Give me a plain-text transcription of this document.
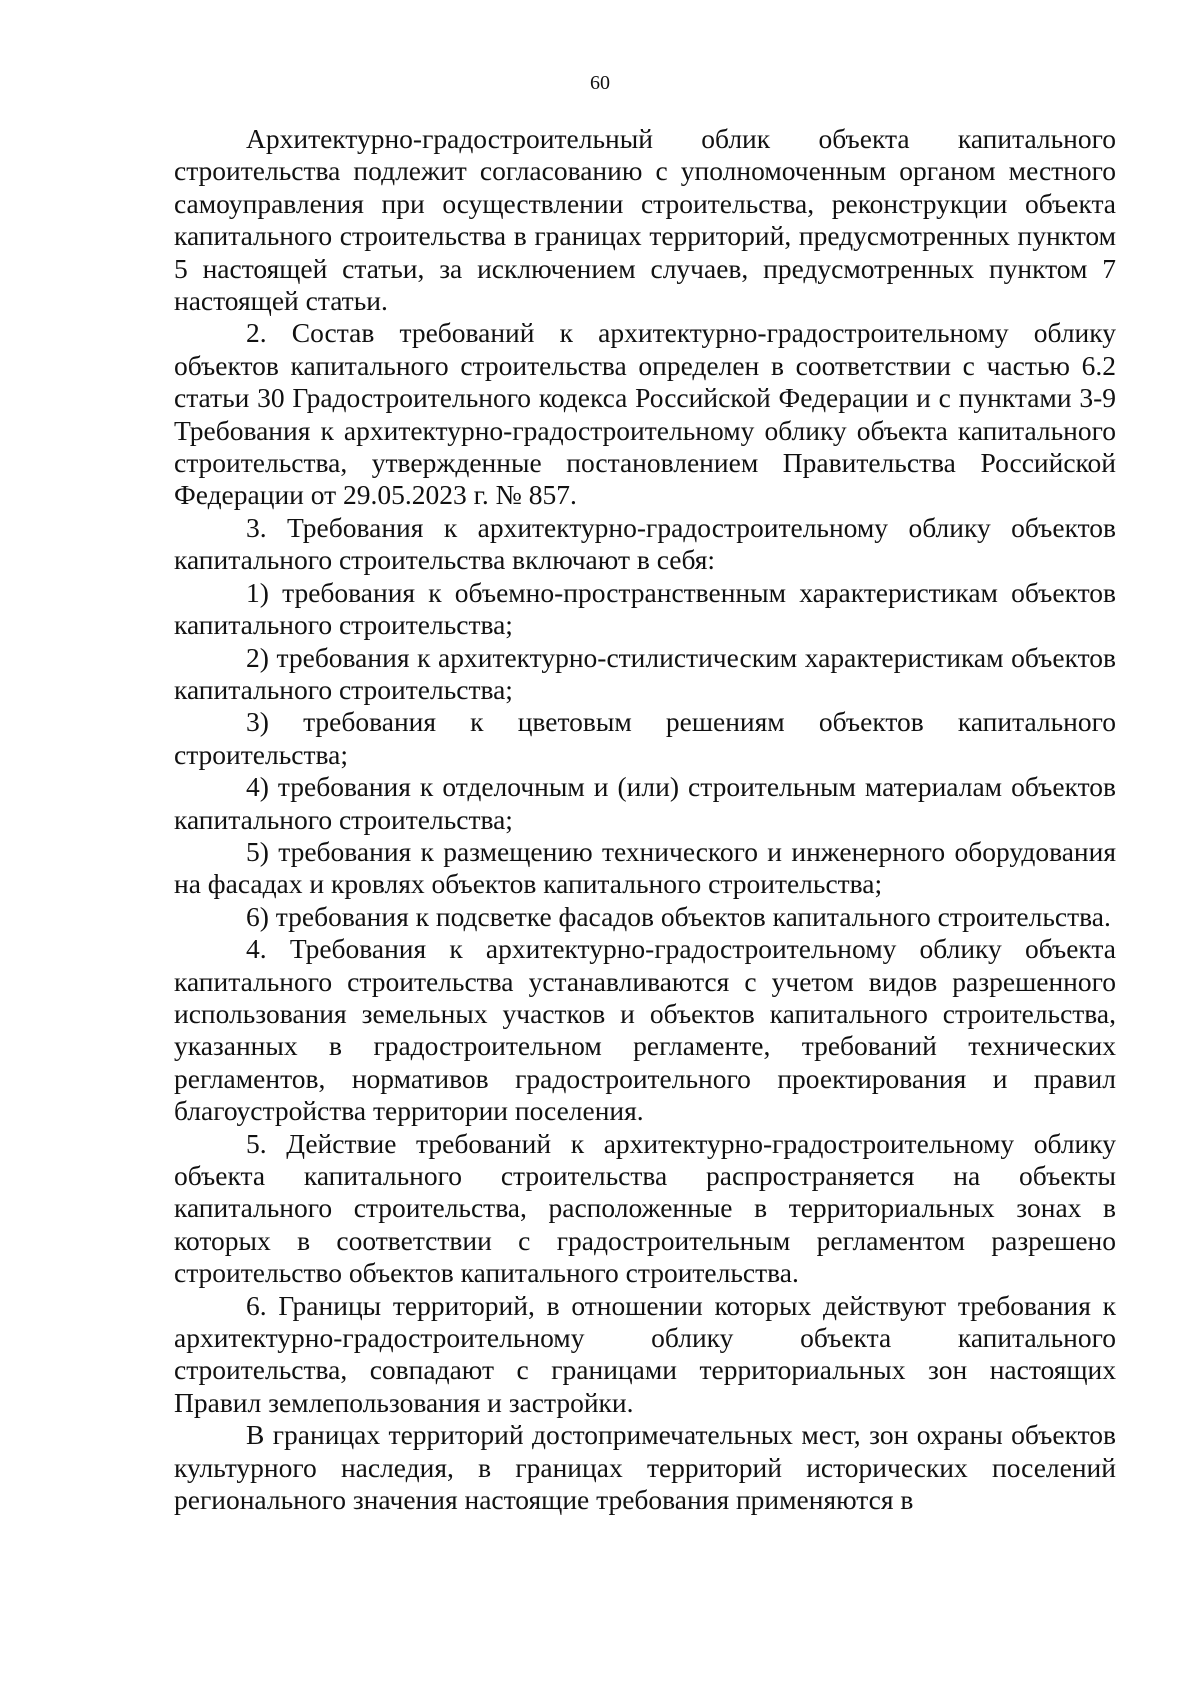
60

Архитектурно-градостроительный облик объекта капитального строительства подлежит согласованию с уполномоченным органом местного самоуправления при осуществлении строительства, реконструкции объекта капитального строительства в границах территорий, предусмотренных пунктом 5 настоящей статьи, за исключением случаев, предусмотренных пунктом 7 настоящей статьи.

2. Состав требований к архитектурно-градостроительному облику объектов капитального строительства определен в соответствии с частью 6.2 статьи 30 Градостроительного кодекса Российской Федерации и с пунктами 3-9 Требования к архитектурно-градостроительному облику объекта капитального строительства, утвержденные постановлением Правительства Российской Федерации от 29.05.2023 г. № 857.

3. Требования к архитектурно-градостроительному облику объектов капитального строительства включают в себя:

1) требования к объемно-пространственным характеристикам объектов капитального строительства;

2) требования к архитектурно-стилистическим характеристикам объектов капитального строительства;

3) требования к цветовым решениям объектов капитального строительства;

4) требования к отделочным и (или) строительным материалам объектов капитального строительства;

5) требования к размещению технического и инженерного оборудования на фасадах и кровлях объектов капитального строительства;

6) требования к подсветке фасадов объектов капитального строительства.

4. Требования к архитектурно-градостроительному облику объекта капитального строительства устанавливаются с учетом видов разрешенного использования земельных участков и объектов капитального строительства, указанных в градостроительном регламенте, требований технических регламентов, нормативов градостроительного проектирования и правил благоустройства территории поселения.

5. Действие требований к архитектурно-градостроительному облику объекта капитального строительства распространяется на объекты капитального строительства, расположенные в территориальных зонах в которых в соответствии с градостроительным регламентом разрешено строительство объектов капитального строительства.

6. Границы территорий, в отношении которых действуют требования к архитектурно-градостроительному облику объекта капитального строительства, совпадают с границами территориальных зон настоящих Правил землепользования и застройки.

В границах территорий достопримечательных мест, зон охраны объектов культурного наследия, в границах территорий исторических поселений регионального значения настоящие требования применяются в
